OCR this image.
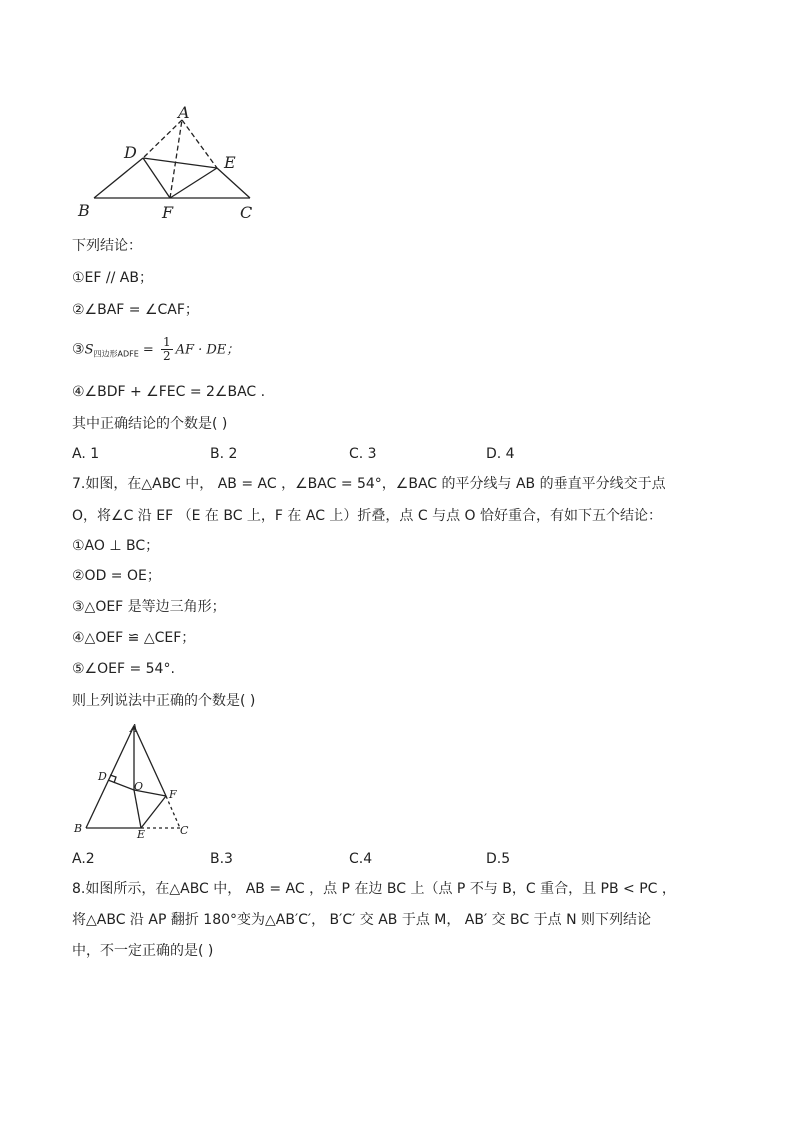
A
D
E
B	F	C
下列结论：
①EF // AB；
②∠BAF = ∠CAF；
$③S_{四边形ADFE} = \frac{1}{2}$ AF · DE；
④∠BDF + ∠FEC = 2∠BAC .
其中正确结论的个数是( )
A. 1	B. 2	C. 3	D. 4
7.如图，在△ABC 中， AB = AC ，∠BAC = 54°，∠BAC 的平分线与 AB 的垂直平分线交于点
O，将∠C 沿 EF （E 在 BC 上，F 在 AC 上）折叠，点 C 与点 O 恰好重合，有如下五个结论：
①AO ⊥ BC；
②OD = OE；
③△OEF 是等边三角形；
④△OEF ≌ △CEF；
⑤∠OEF = 54°.
则上列说法中正确的个数是( )
A
D
O
F
B	E	C
A.2	B.3	C.4	D.5
8.如图所示，在△ABC 中， AB = AC ，点 P 在边 BC 上（点 P 不与 B，C 重合，且 PB < PC ，
将△ABC 沿 AP 翻折 180°变为△AB′C′， B′C′ 交 AB 于点 M， AB′ 交 BC 于点 N 则下列结论
中，不一定正确的是( )
